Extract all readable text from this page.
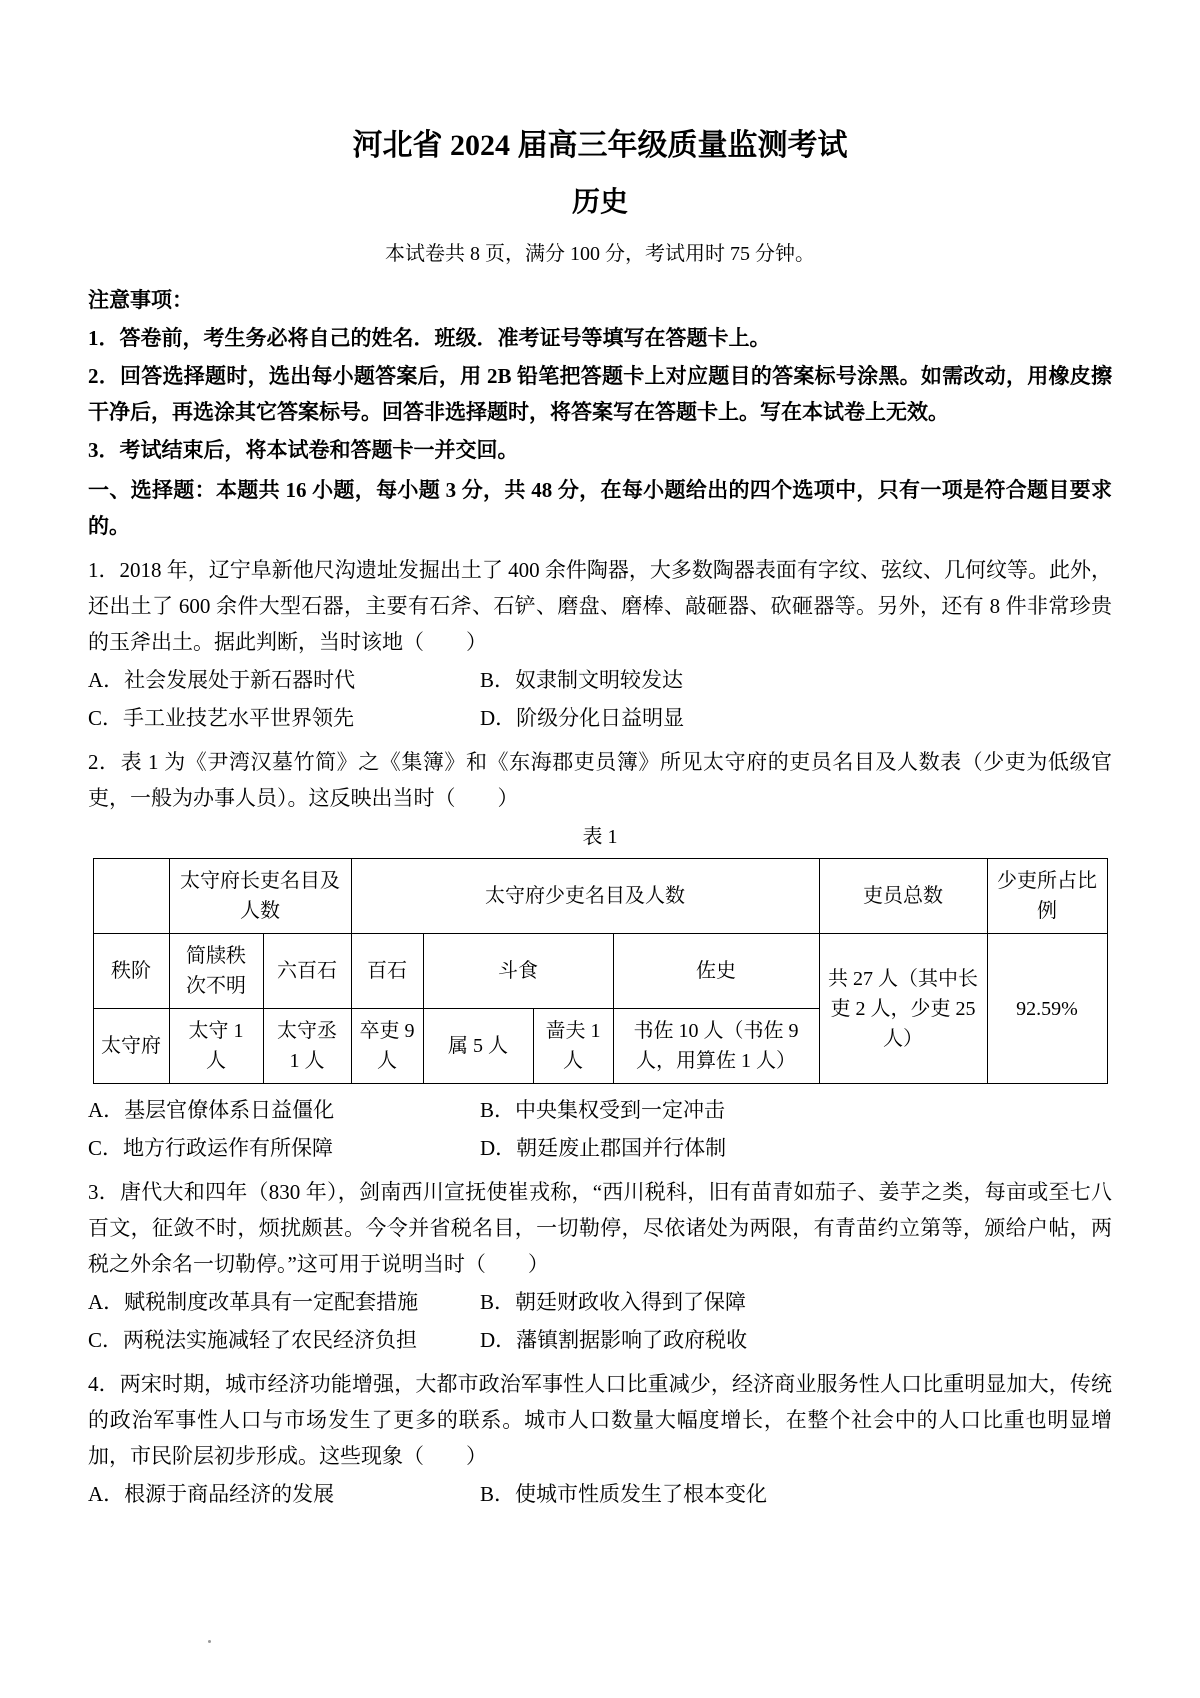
河北省 2024 届高三年级质量监测考试
历史

本试卷共 8 页，满分 100 分，考试用时 75 分钟。

注意事项：

1．答卷前，考生务必将自己的姓名．班级．准考证号等填写在答题卡上。

2．回答选择题时，选出每小题答案后，用 2B 铅笔把答题卡上对应题目的答案标号涂黑。如需改动，用橡皮擦干净后，再选涂其它答案标号。回答非选择题时，将答案写在答题卡上。写在本试卷上无效。

3．考试结束后，将本试卷和答题卡一并交回。

一、选择题：本题共 16 小题，每小题 3 分，共 48 分，在每小题给出的四个选项中，只有一项是符合题目要求的。

1．2018 年，辽宁阜新他尺沟遗址发掘出土了 400 余件陶器，大多数陶器表面有字纹、弦纹、几何纹等。此外，还出土了 600 余件大型石器，主要有石斧、石铲、磨盘、磨棒、敲砸器、砍砸器等。另外，还有 8 件非常珍贵的玉斧出土。据此判断，当时该地（　　）

A．社会发展处于新石器时代	B．奴隶制文明较发达
C．手工业技艺水平世界领先	D．阶级分化日益明显

2．表 1 为《尹湾汉墓竹简》之《集簿》和《东海郡吏员簿》所见太守府的吏员名目及人数表（少吏为低级官吏，一般为办事人员）。这反映出当时（　　）

表 1

	太守府长吏名目及人数		太守府少吏名目及人数				吏员总数	少吏所占比例
秩阶	简牍秩次不明	六百石	百石	斗食		佐史	共 27 人（其中长吏 2 人，少吏 25 人）	92.59%
太守府	太守 1 人	太守丞 1 人	卒吏 9 人	属 5 人	啬夫 1 人	书佐 10 人（书佐 9 人，用算佐 1 人）		
A．基层官僚体系日益僵化	B．中央集权受到一定冲击
C．地方行政运作有所保障	D．朝廷废止郡国并行体制

3．唐代大和四年（830 年），剑南西川宣抚使崔戎称，“西川税科，旧有苗青如茄子、姜芋之类，每亩或至七八百文，征敛不时，烦扰颇甚。今令并省税名目，一切勒停，尽依诸处为两限，有青苗约立第等，颁给户帖，两税之外余名一切勒停。”这可用于说明当时（　　）

A．赋税制度改革具有一定配套措施	B．朝廷财政收入得到了保障
C．两税法实施减轻了农民经济负担	D．藩镇割据影响了政府税收

4．两宋时期，城市经济功能增强，大都市政治军事性人口比重减少，经济商业服务性人口比重明显加大，传统的政治军事性人口与市场发生了更多的联系。城市人口数量大幅度增长，在整个社会中的人口比重也明显增加，市民阶层初步形成。这些现象（　　）

A．根源于商品经济的发展	B．使城市性质发生了根本变化
